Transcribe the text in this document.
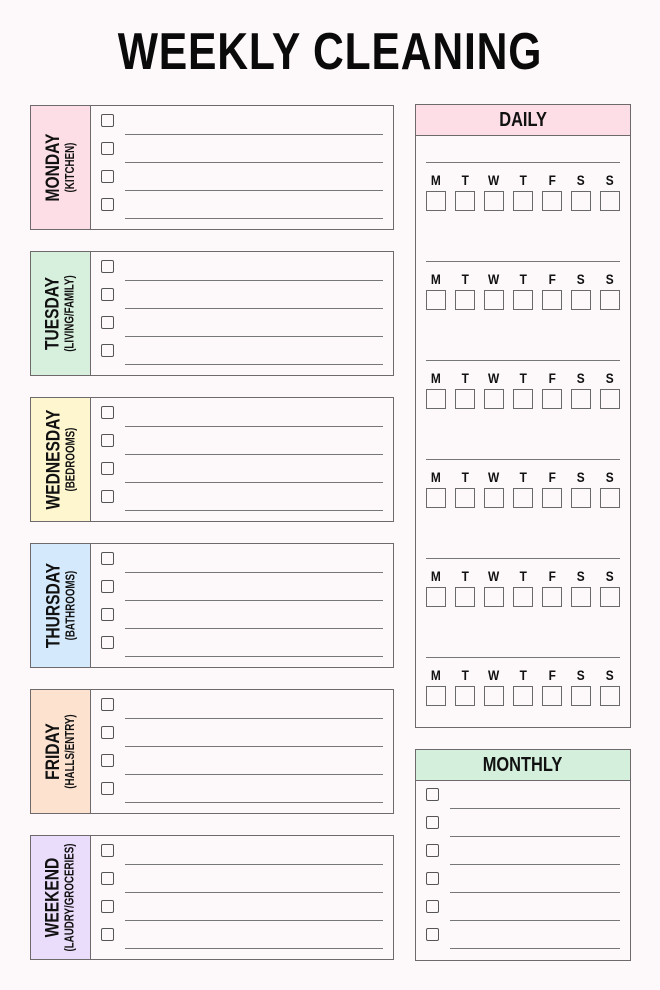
WEEKLY CLEANING
MONDAY
(KITCHEN)
TUESDAY
(LIVING/FAMILY)
WEDNESDAY
(BEDROOMS)
THURSDAY
(BATHROOMS)
FRIDAY
(HALLS/ENTRY)
WEEKEND
(LAUDRY/GROCERIES)
DAILY
M	T	W	T	F	S	S
M	T	W	T	F	S	S
M	T	W	T	F	S	S
M	T	W	T	F	S	S
M	T	W	T	F	S	S
M	T	W	T	F	S	S
MONTHLY
